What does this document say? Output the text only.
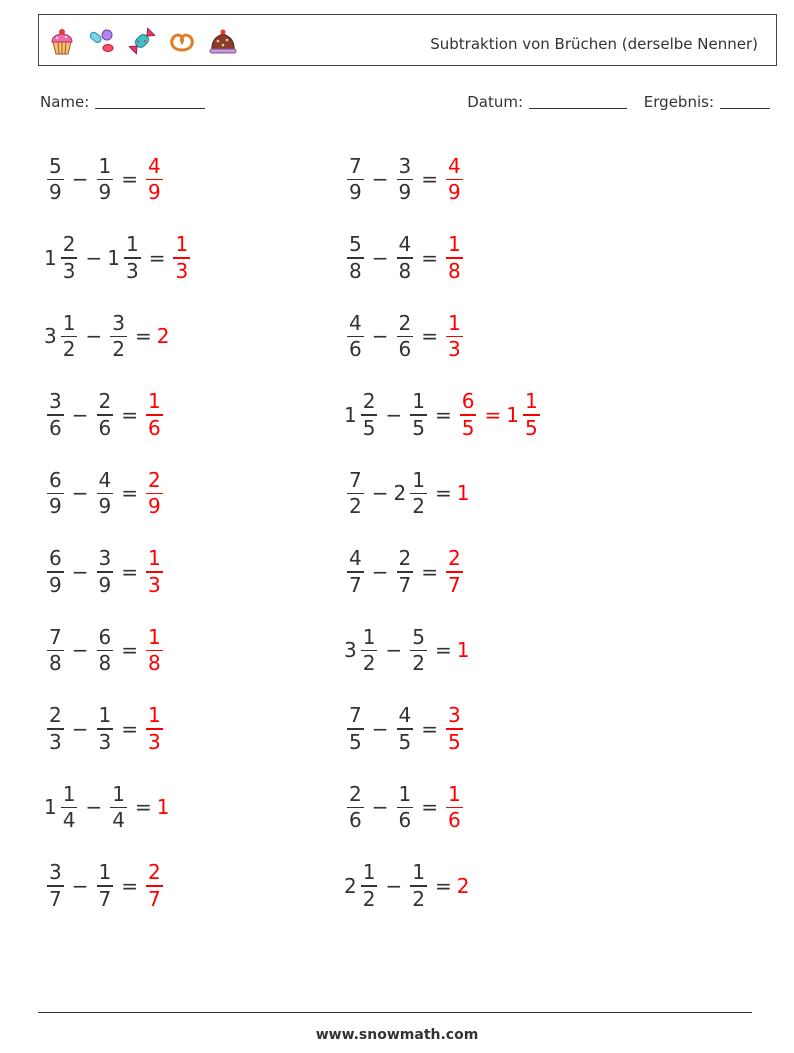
Subtraktion von Brüchen (derselbe Nenner)
Name:	Datum:	Ergebnis:
$\frac{5}{9} - \frac{1}{9} = \frac{4}{9}$
$1 \frac{2}{3} - 1 \frac{1}{3} = \frac{1}{3}$
$3 \frac{1}{2} - \frac{3}{2} = 2$
$\frac{3}{6} - \frac{2}{6} = \frac{1}{6}$
$\frac{6}{9} - \frac{4}{9} = \frac{2}{9}$
$\frac{6}{9} - \frac{3}{9} = \frac{1}{3}$
$\frac{7}{8} - \frac{6}{8} = \frac{1}{8}$
$\frac{2}{3} - \frac{1}{3} = \frac{1}{3}$
$1 \frac{1}{4} - \frac{1}{4} = 1$
$\frac{3}{7} - \frac{1}{7} = \frac{2}{7}$
$\frac{7}{9} - \frac{3}{9} = \frac{4}{9}$
$\frac{5}{8} - \frac{4}{8} = \frac{1}{8}$
$\frac{4}{6} - \frac{2}{6} = \frac{1}{3}$
$1 \frac{2}{5} - \frac{1}{5} = \frac{6}{5} = 1 \frac{1}{5}$
$\frac{7}{2} - 2 \frac{1}{2} = 1$
$\frac{4}{7} - \frac{2}{7} = \frac{2}{7}$
$3 \frac{1}{2} - \frac{5}{2} = 1$
$\frac{7}{5} - \frac{4}{5} = \frac{3}{5}$
$\frac{2}{6} - \frac{1}{6} = \frac{1}{6}$
$2 \frac{1}{2} - \frac{1}{2} = 2$
www.snowmath.com
